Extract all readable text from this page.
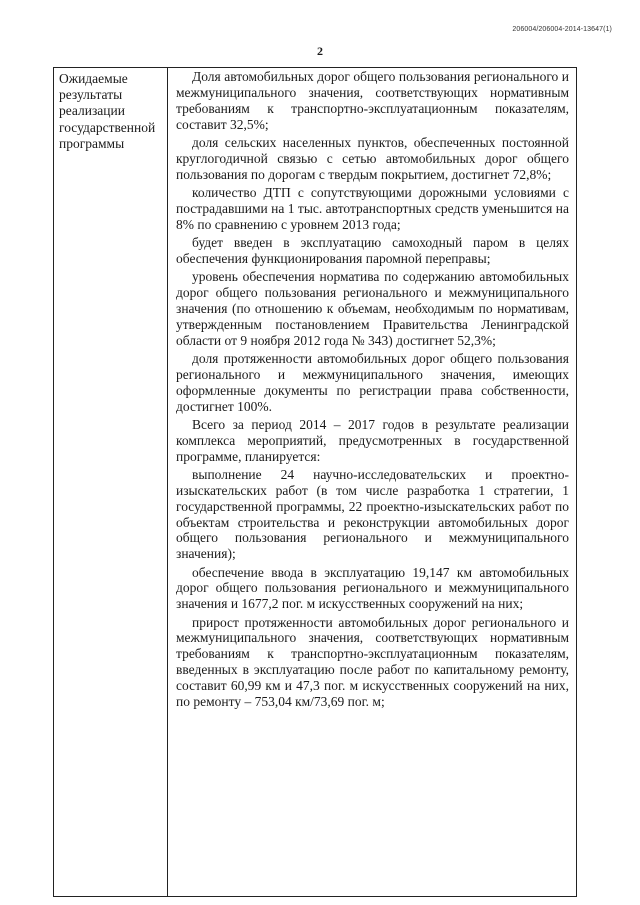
206004/206004-2014-13647(1)
2
Ожидаемые результаты реализации государственной программы

Доля автомобильных дорог общего пользования регионального и межмуниципального значения, соответствующих нормативным требованиям к транспортно-эксплуатационным показателям, составит 32,5%;

доля сельских населенных пунктов, обеспеченных постоянной круглогодичной связью с сетью автомобильных дорог общего пользования по дорогам с твердым покрытием, достигнет 72,8%;

количество ДТП с сопутствующими дорожными условиями с пострадавшими на 1 тыс. автотранспортных средств уменьшится на 8% по сравнению с уровнем 2013 года;

будет введен в эксплуатацию самоходный паром в целях обеспечения функционирования паромной переправы;

уровень обеспечения норматива по содержанию автомобильных дорог общего пользования регионального и межмуниципального значения (по отношению к объемам, необходимым по нормативам, утвержденным постановлением Правительства Ленинградской области от 9 ноября 2012 года № 343) достигнет 52,3%;

доля протяженности автомобильных дорог общего пользования регионального и межмуниципального значения, имеющих оформленные документы по регистрации права собственности, достигнет 100%.

Всего за период 2014 – 2017 годов в результате реализации комплекса мероприятий, предусмотренных в государственной программе, планируется:

выполнение 24 научно-исследовательских и проектно-изыскательских работ (в том числе разработка 1 стратегии, 1 государственной программы, 22 проектно-изыскательских работ по объектам строительства и реконструкции автомобильных дорог общего пользования регионального и межмуниципального значения);

обеспечение ввода в эксплуатацию 19,147 км автомобильных дорог общего пользования регионального и межмуниципального значения и 1677,2 пог. м искусственных сооружений на них;

прирост протяженности автомобильных дорог регионального и межмуниципального значения, соответствующих нормативным требованиям к транспортно-эксплуатационным показателям, введенных в эксплуатацию после работ по капитальному ремонту, составит 60,99 км и 47,3 пог. м искусственных сооружений на них, по ремонту – 753,04 км/73,69 пог. м;
